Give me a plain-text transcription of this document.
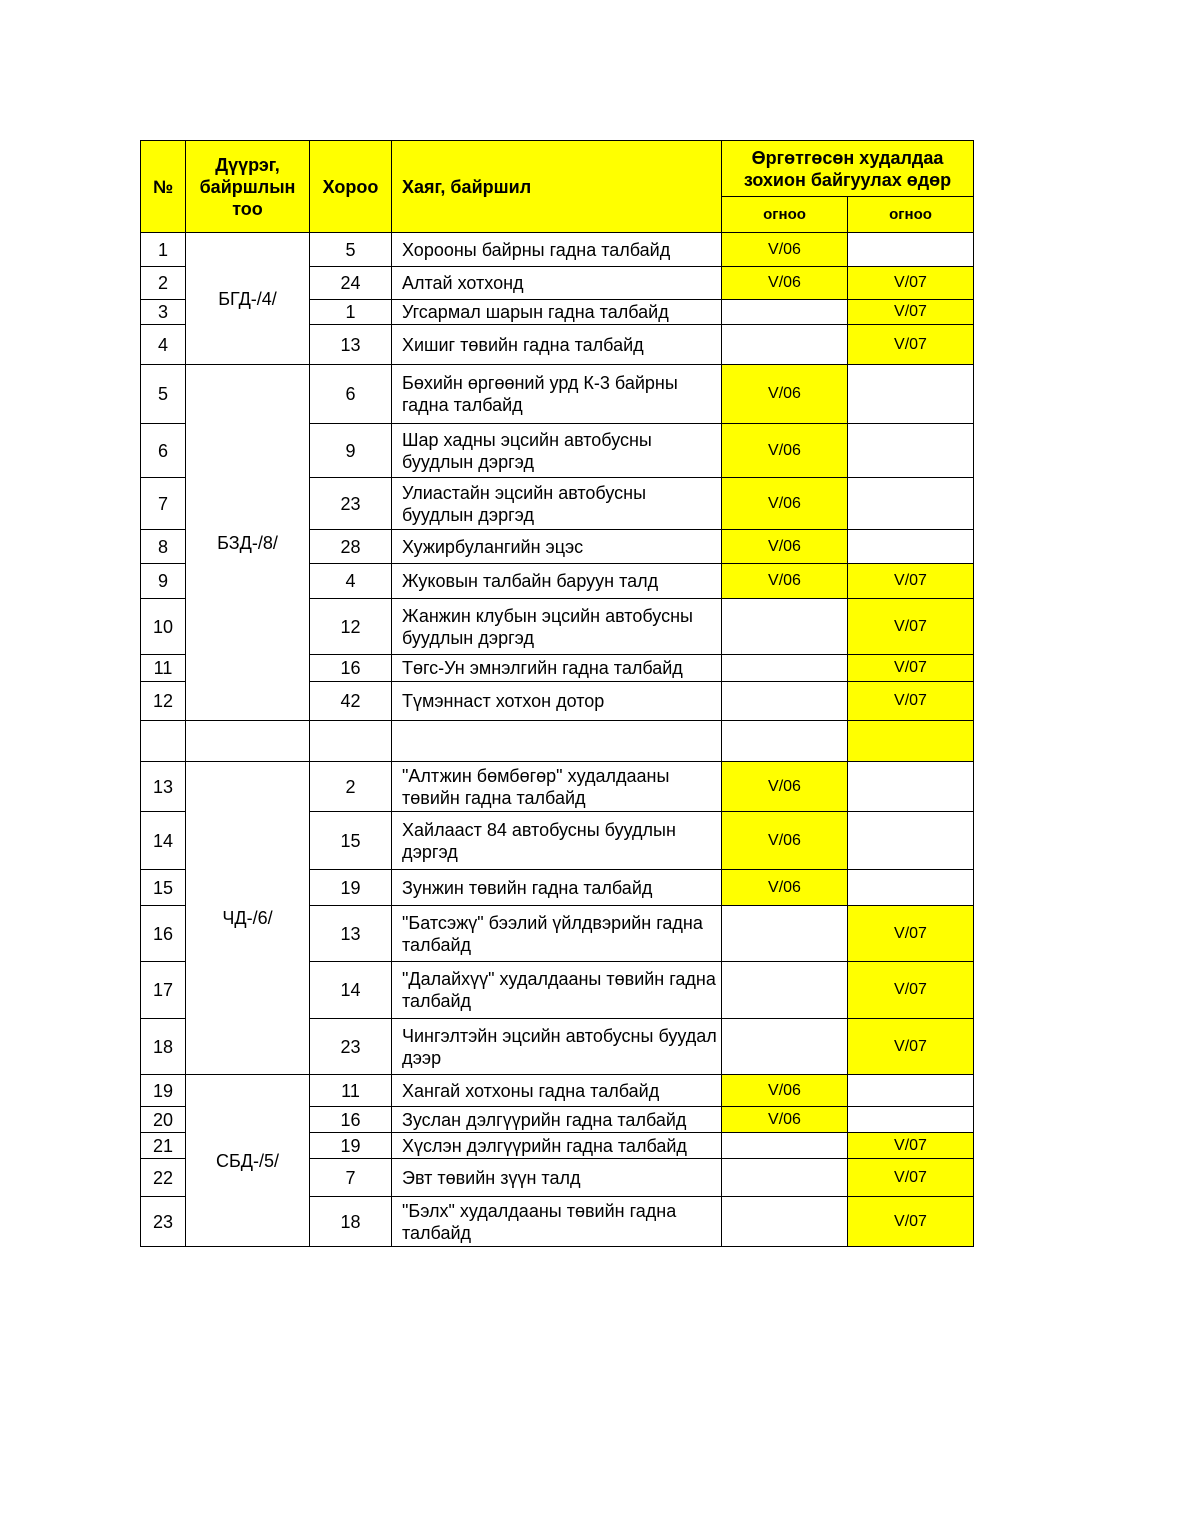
№	Дүүрэг, байршлын тоо	Хороо	Хаяг, байршил	Өргөтгөсөн худалдаа зохион байгуулах өдөр	
				огноо	огноо
1	БГД-/4/	5	Хорооны байрны гадна талбайд	V/06	
2		24	Алтай хотхонд	V/06	V/07
3		1	Угсармал шарын гадна талбайд		V/07
4		13	Хишиг төвийн гадна талбайд		V/07
5	БЗД-/8/	6	Бөхийн өргөөний урд К-3 байрны гадна талбайд	V/06	
6		9	Шар хадны эцсийн автобусны буудлын дэргэд	V/06	
7		23	Улиастайн эцсийн автобусны буудлын дэргэд	V/06	
8		28	Хужирбулангийн эцэс	V/06	
9		4	Жуковын талбайн баруун талд	V/06	V/07
10		12	Жанжин клубын эцсийн автобусны буудлын дэргэд		V/07
11		16	Төгс-Ун эмнэлгийн гадна талбайд		V/07
12		42	Түмэннаст хотхон дотор		V/07

13	ЧД-/6/	2	"Алтжин бөмбөгөр" худалдааны төвийн гадна талбайд	V/06	
14		15	Хайлааст 84 автобусны буудлын дэргэд	V/06	
15		19	Зунжин төвийн гадна талбайд	V/06	
16		13	"Батсэжү" бээлий үйлдвэрийн гадна талбайд		V/07
17		14	"Далайхүү" худалдааны төвийн гадна талбайд		V/07
18		23	Чингэлтэйн эцсийн автобусны буудал дээр		V/07
19	СБД-/5/	11	Хангай хотхоны гадна талбайд	V/06	
20		16	Зуслан дэлгүүрийн гадна талбайд	V/06	
21		19	Хүслэн дэлгүүрийн гадна талбайд		V/07
22		7	Эвт төвийн зүүн талд		V/07
23		18	"Бэлх" худалдааны төвийн гадна талбайд		V/07
